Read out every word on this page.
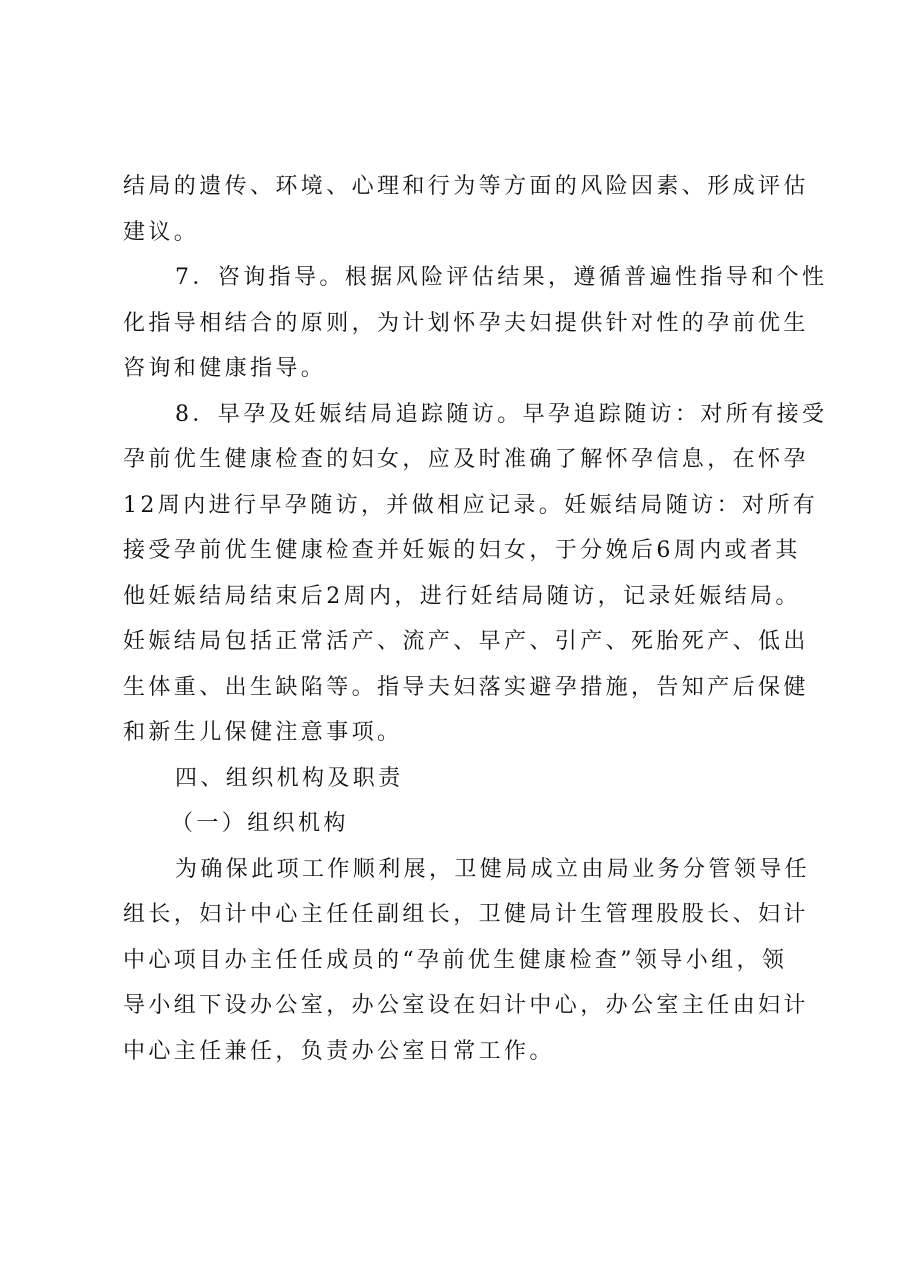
结局的遗传、环境、心理和行为等方面的风险因素、形成评估

建议。

7．咨询指导。根据风险评估结果，遵循普遍性指导和个性

化指导相结合的原则，为计划怀孕夫妇提供针对性的孕前优生

咨询和健康指导。

8．早孕及妊娠结局追踪随访。早孕追踪随访：对所有接受

孕前优生健康检查的妇女，应及时准确了解怀孕信息，在怀孕

12周内进行早孕随访，并做相应记录。妊娠结局随访：对所有

接受孕前优生健康检查并妊娠的妇女，于分娩后6周内或者其

他妊娠结局结束后2周内，进行妊结局随访，记录妊娠结局。

妊娠结局包括正常活产、流产、早产、引产、死胎死产、低出

生体重、出生缺陷等。指导夫妇落实避孕措施，告知产后保健

和新生儿保健注意事项。

四、组织机构及职责

（一）组织机构

为确保此项工作顺利展，卫健局成立由局业务分管领导任

组长，妇计中心主任任副组长，卫健局计生管理股股长、妇计

中心项目办主任任成员的“孕前优生健康检查”领导小组，领

导小组下设办公室，办公室设在妇计中心，办公室主任由妇计

中心主任兼任，负责办公室日常工作。
